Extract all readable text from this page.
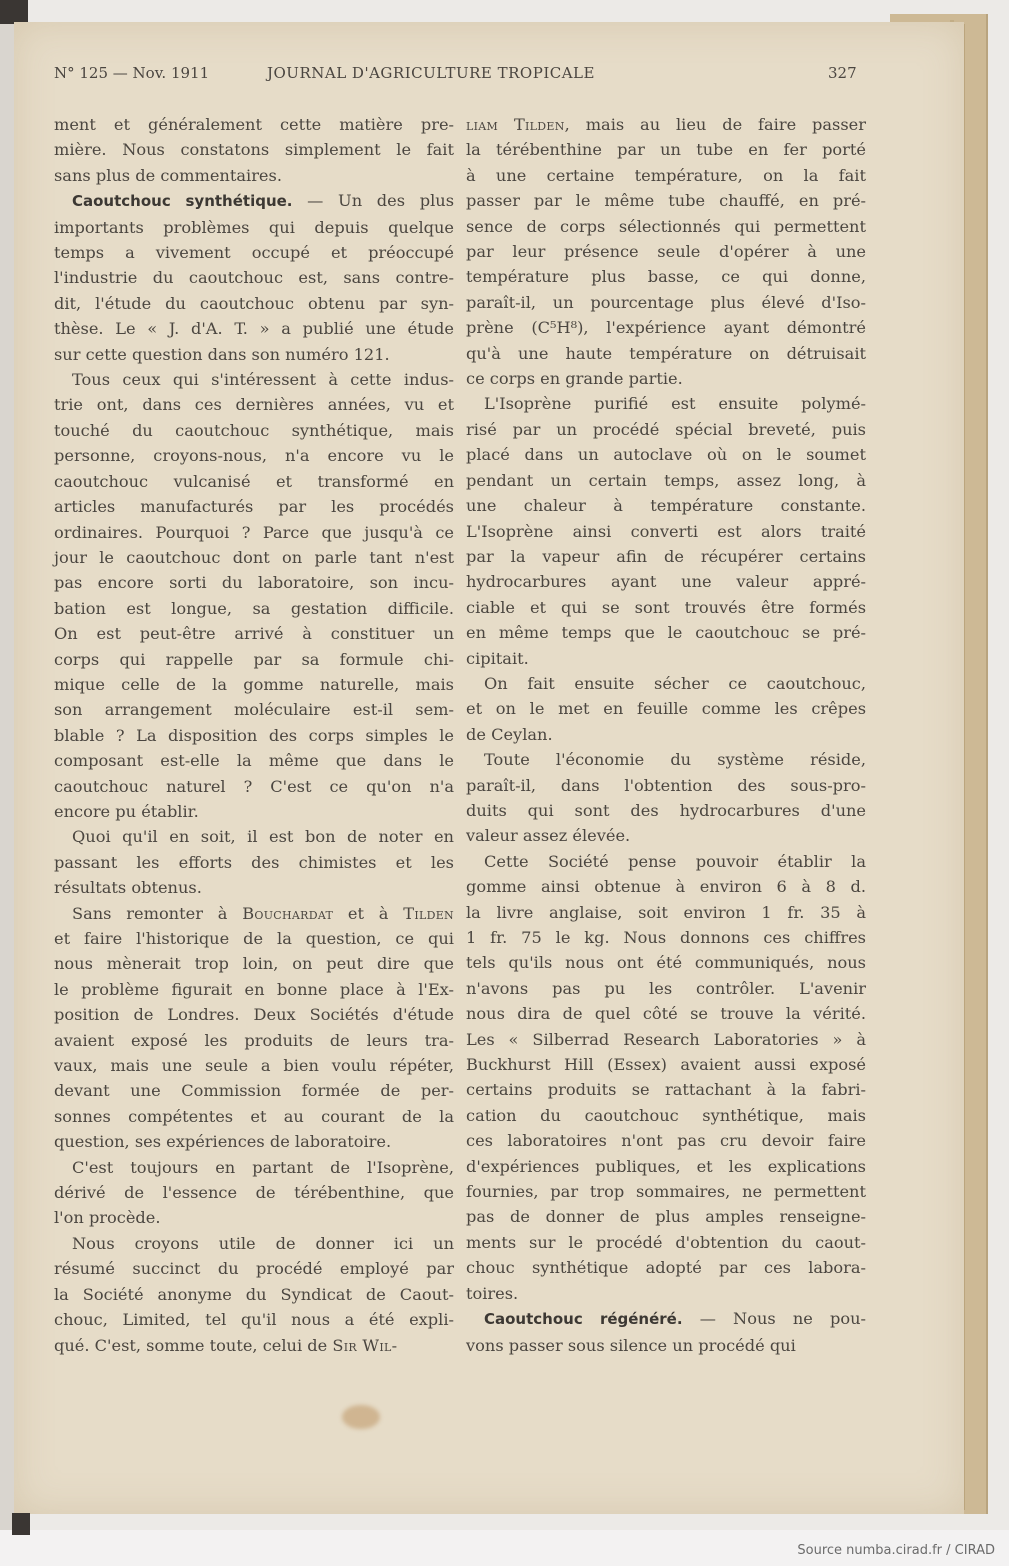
N° 125 — Nov. 1911	JOURNAL D'AGRICULTURE TROPICALE	327

ment et généralement cette matière pre-
mière. Nous constatons simplement le fait
sans plus de commentaires.

Caoutchouc synthétique. — Un des plus
importants problèmes qui depuis quelque
temps a vivement occupé et préoccupé
l'industrie du caoutchouc est, sans contre-
dit, l'étude du caoutchouc obtenu par syn-
thèse. Le « J. d'A. T. » a publié une étude
sur cette question dans son numéro 121.

Tous ceux qui s'intéressent à cette indus-
trie ont, dans ces dernières années, vu et
touché du caoutchouc synthétique, mais
personne, croyons-nous, n'a encore vu le
caoutchouc vulcanisé et transformé en
articles manufacturés par les procédés
ordinaires. Pourquoi ? Parce que jusqu'à ce
jour le caoutchouc dont on parle tant n'est
pas encore sorti du laboratoire, son incu-
bation est longue, sa gestation difficile.
On est peut-être arrivé à constituer un
corps qui rappelle par sa formule chi-
mique celle de la gomme naturelle, mais
son arrangement moléculaire est-il sem-
blable ? La disposition des corps simples le
composant est-elle la même que dans le
caoutchouc naturel ? C'est ce qu'on n'a
encore pu établir.

Quoi qu'il en soit, il est bon de noter en
passant les efforts des chimistes et les
résultats obtenus.

Sans remonter à Bouchardat et à Tilden
et faire l'historique de la question, ce qui
nous mènerait trop loin, on peut dire que
le problème figurait en bonne place à l'Ex-
position de Londres. Deux Sociétés d'étude
avaient exposé les produits de leurs tra-
vaux, mais une seule a bien voulu répéter,
devant une Commission formée de per-
sonnes compétentes et au courant de la
question, ses expériences de laboratoire.

C'est toujours en partant de l'Isoprène,
dérivé de l'essence de térébenthine, que
l'on procède.

Nous croyons utile de donner ici un
résumé succinct du procédé employé par
la Société anonyme du Syndicat de Caout-
chouc, Limited, tel qu'il nous a été expli-
qué. C'est, somme toute, celui de Sir Wil-

liam Tilden, mais au lieu de faire passer
la térébenthine par un tube en fer porté
à une certaine température, on la fait
passer par le même tube chauffé, en pré-
sence de corps sélectionnés qui permettent
par leur présence seule d'opérer à une
température plus basse, ce qui donne,
paraît-il, un pourcentage plus élevé d'Iso-
prène (C⁵H⁸), l'expérience ayant démontré
qu'à une haute température on détruisait
ce corps en grande partie.

L'Isoprène purifié est ensuite polymé-
risé par un procédé spécial breveté, puis
placé dans un autoclave où on le soumet
pendant un certain temps, assez long, à
une chaleur à température constante.
L'Isoprène ainsi converti est alors traité
par la vapeur afin de récupérer certains
hydrocarbures ayant une valeur appré-
ciable et qui se sont trouvés être formés
en même temps que le caoutchouc se pré-
cipitait.

On fait ensuite sécher ce caoutchouc,
et on le met en feuille comme les crêpes
de Ceylan.

Toute l'économie du système réside,
paraît-il, dans l'obtention des sous-pro-
duits qui sont des hydrocarbures d'une
valeur assez élevée.

Cette Société pense pouvoir établir la
gomme ainsi obtenue à environ 6 à 8 d.
la livre anglaise, soit environ 1 fr. 35 à
1 fr. 75 le kg. Nous donnons ces chiffres
tels qu'ils nous ont été communiqués, nous
n'avons pas pu les contrôler. L'avenir
nous dira de quel côté se trouve la vérité.
Les « Silberrad Research Laboratories » à
Buckhurst Hill (Essex) avaient aussi exposé
certains produits se rattachant à la fabri-
cation du caoutchouc synthétique, mais
ces laboratoires n'ont pas cru devoir faire
d'expériences publiques, et les explications
fournies, par trop sommaires, ne permettent
pas de donner de plus amples renseigne-
ments sur le procédé d'obtention du caout-
chouc synthétique adopté par ces labora-
toires.

Caoutchouc régénéré. — Nous ne pou-
vons passer sous silence un procédé qui

Source numba.cirad.fr / CIRAD
